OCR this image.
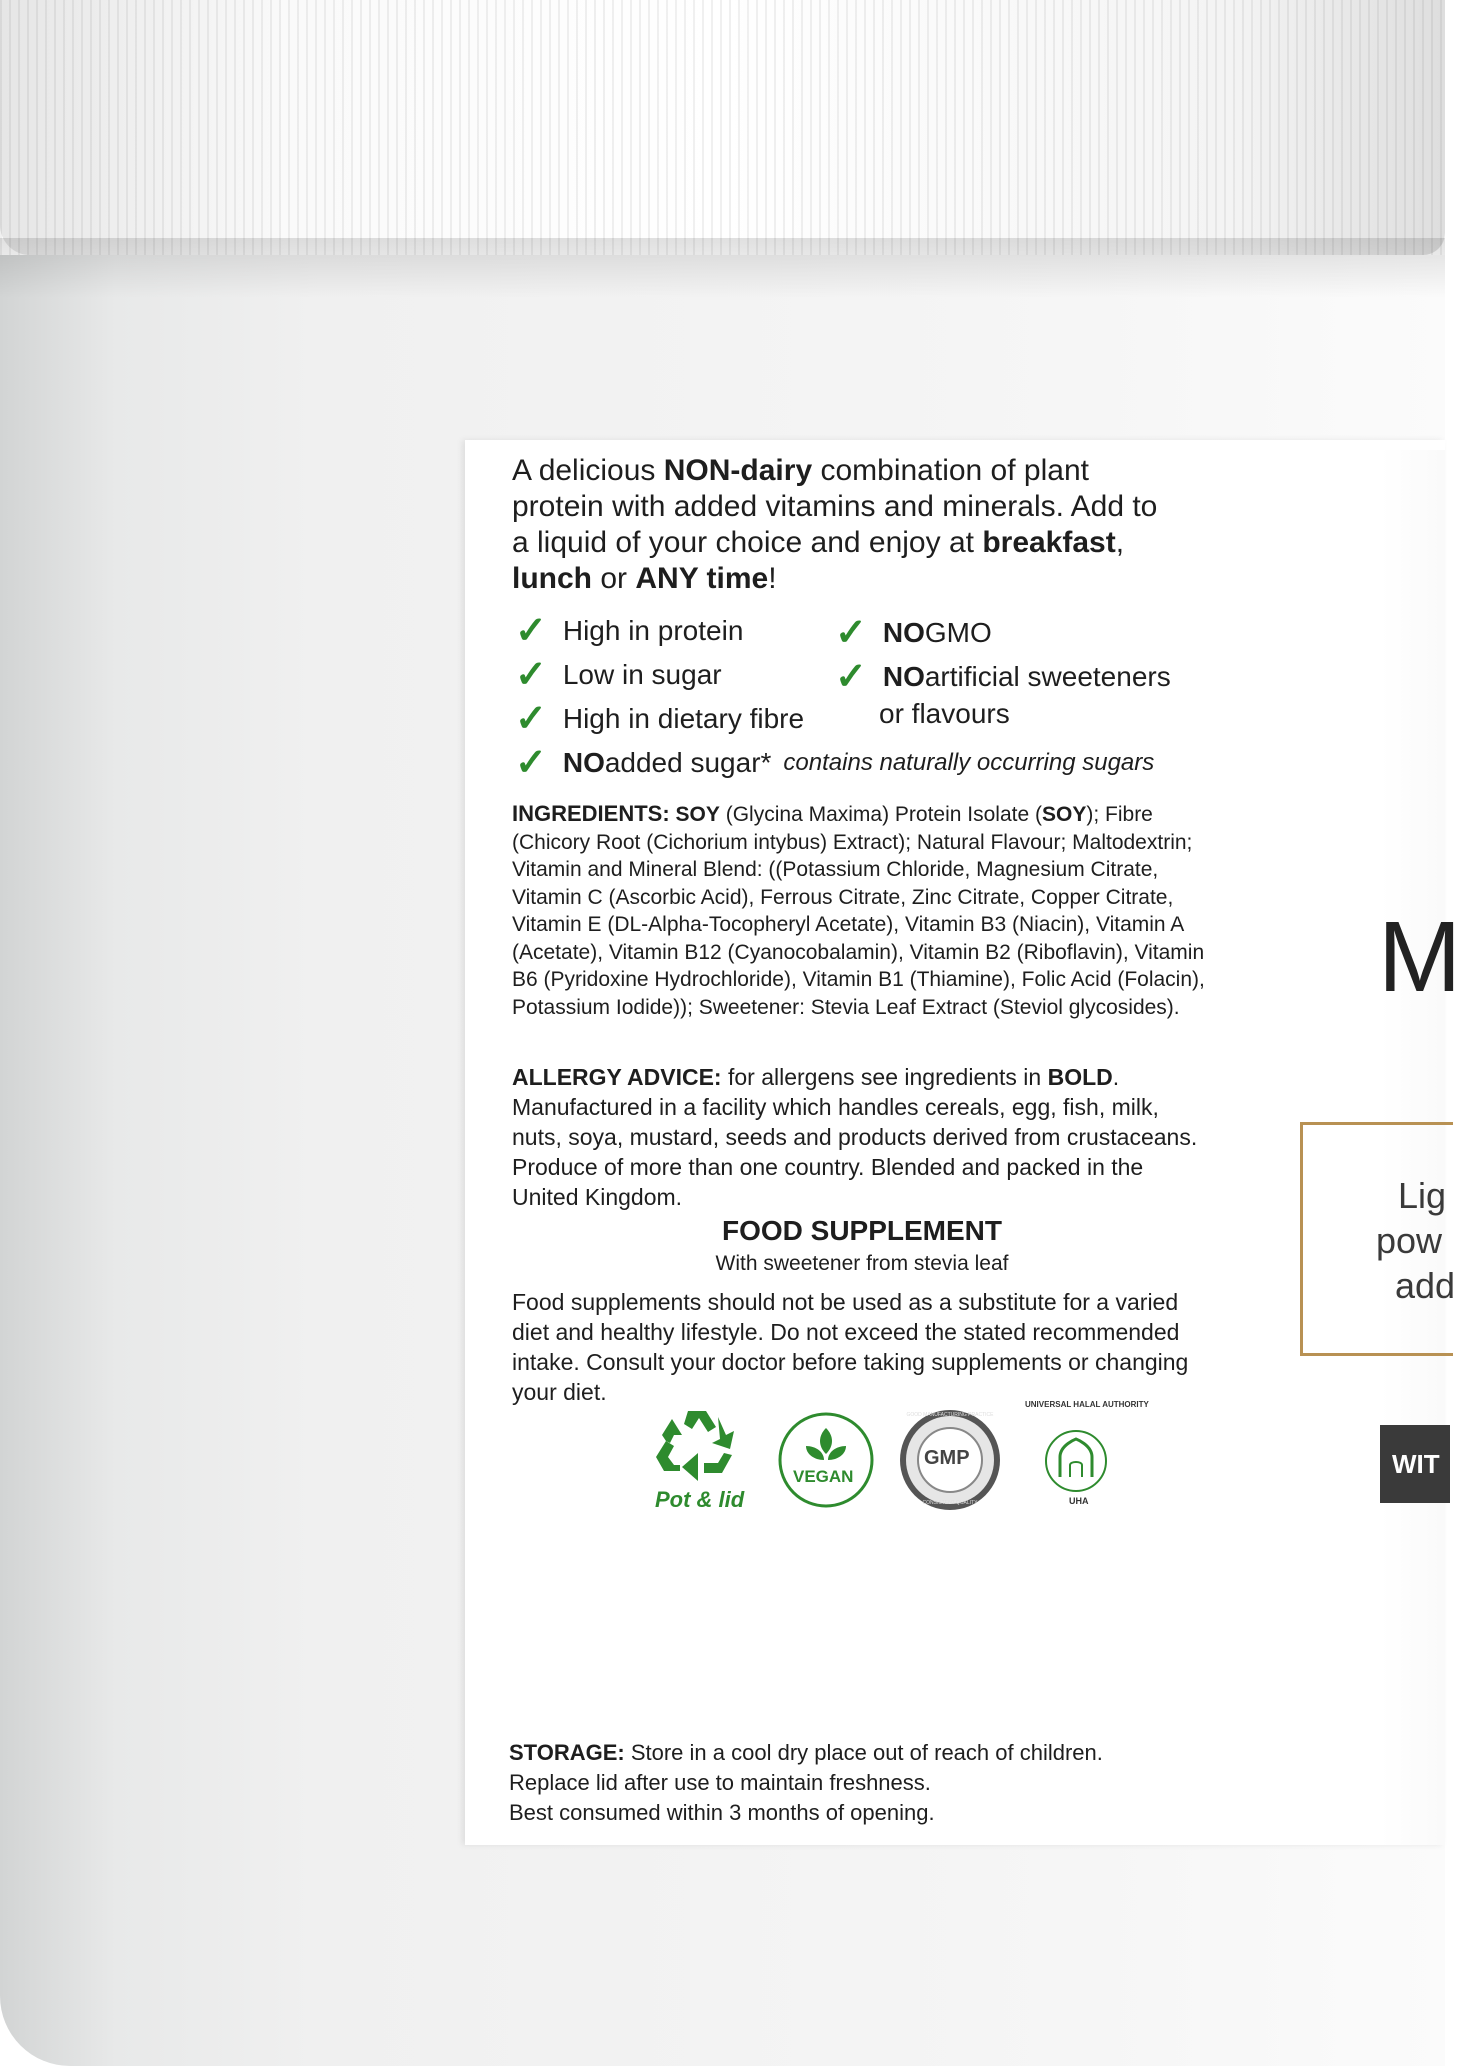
M
Lig
pow
add
WIT
A delicious NON-dairy combination of plant
protein with added vitamins and minerals. Add to
a liquid of your choice and enjoy at breakfast,
lunch or ANY time!
✓ High in protein
✓ Low in sugar
✓ High in dietary fibre
✓ NO added sugar* contains naturally occurring sugars
✓ NO GMO
✓ NO artificial sweeteners
or flavours
INGREDIENTS: SOY (Glycina Maxima) Protein Isolate (SOY); Fibre (Chicory Root (Cichorium intybus) Extract); Natural Flavour; Maltodextrin; Vitamin and Mineral Blend: ((Potassium Chloride, Magnesium Citrate, Vitamin C (Ascorbic Acid), Ferrous Citrate, Zinc Citrate, Copper Citrate, Vitamin E (DL-Alpha-Tocopheryl Acetate), Vitamin B3 (Niacin), Vitamin A (Acetate), Vitamin B12 (Cyanocobalamin), Vitamin B2 (Riboflavin), Vitamin B6 (Pyridoxine Hydrochloride), Vitamin B1 (Thiamine), Folic Acid (Folacin), Potassium Iodide)); Sweetener: Stevia Leaf Extract (Steviol glycosides).
ALLERGY ADVICE: for allergens see ingredients in BOLD. Manufactured in a facility which handles cereals, egg, fish, milk, nuts, soya, mustard, seeds and products derived from crustaceans. Produce of more than one country. Blended and packed in the United Kingdom.
FOOD SUPPLEMENT
With sweetener from stevia leaf
Food supplements should not be used as a substitute for a varied diet and healthy lifestyle. Do not exceed the stated recommended intake. Consult your doctor before taking supplements or changing your diet.
Pot & lid
VEGAN
GMP
GOOD MANUFACTURING PRACTICE
CONSISTENT QUALITY
UNIVERSAL HALAL AUTHORITY
UHA
STORAGE: Store in a cool dry place out of reach of children.
Replace lid after use to maintain freshness.
Best consumed within 3 months of opening.
